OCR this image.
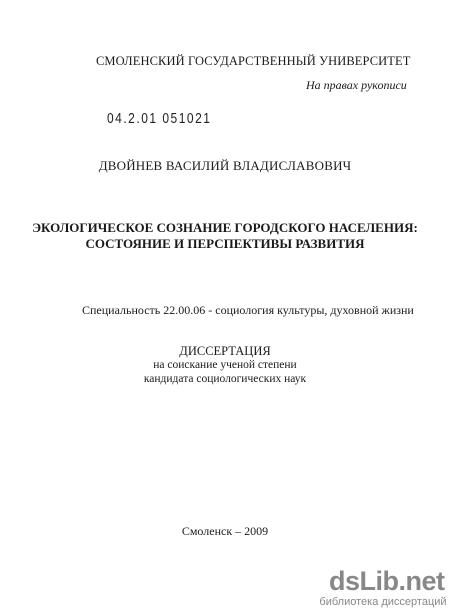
СМОЛЕНСКИЙ ГОСУДАРСТВЕННЫЙ УНИВЕРСИТЕТ
На правах рукописи
04.2.01 051021
ДВОЙНЕВ ВАСИЛИЙ ВЛАДИСЛАВОВИЧ
ЭКОЛОГИЧЕСКОЕ СОЗНАНИЕ ГОРОДСКОГО НАСЕЛЕНИЯ:
СОСТОЯНИЕ И ПЕРСПЕКТИВЫ РАЗВИТИЯ
Специальность 22.00.06 - социология культуры, духовной жизни
ДИССЕРТАЦИЯ
на соискание ученой степени
кандидата социологических наук
Смоленск – 2009
dsLib.net
библиотека диссертаций
